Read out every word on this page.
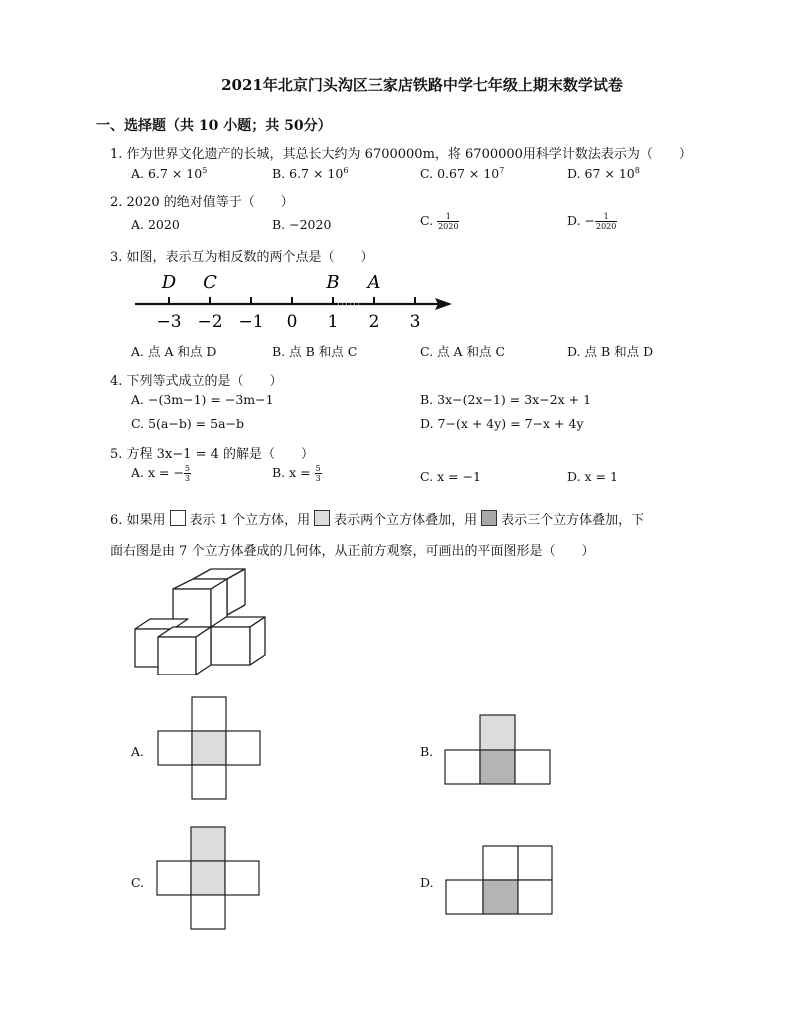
2021年北京门头沟区三家店铁路中学七年级上期末数学试卷
一、选择题（共 10 小题；共 50分）
1. 作为世界文化遗产的长城，其总长大约为 6700000m，将 6700000用科学计数法表示为（　　）
A. $6.7 \times 10^5$	B. $6.7 \times 10^6$	C. $0.67 \times 10^7$	D. $67 \times 10^8$
2. 2020 的绝对值等于（　　）
A. 2020	B. −2020	C. $\frac{1}{2020}$	D. − $\frac{1}{2020}$
3. 如图，表示互为相反数的两个点是（　　）
−3 −2 −1 0 1 2 3
D C	B A
A. 点 A 和点 D	B. 点 B 和点 C	C. 点 A 和点 C	D. 点 B 和点 D
4. 下列等式成立的是（　　）
A. −(3m−1) = −3m−1	B. 3x−(2x−1) = 3x−2x + 1
C. 5(a−b) = 5a−b	D. 7−(x + 4y) = 7−x + 4y
5. 方程 3x−1 = 4 的解是（　　）
A. x = − $\frac{5}{3}$	B. $x = \frac{5}{3}$	C. x = −1	D. x = 1
6. 如果用 表示 1 个立方体，用 表示两个立方体叠加，用 表示三个立方体叠加，下
面右图是由 7 个立方体叠成的几何体，从正前方观察，可画出的平面图形是（　　）
A.	B.
C.	D.
